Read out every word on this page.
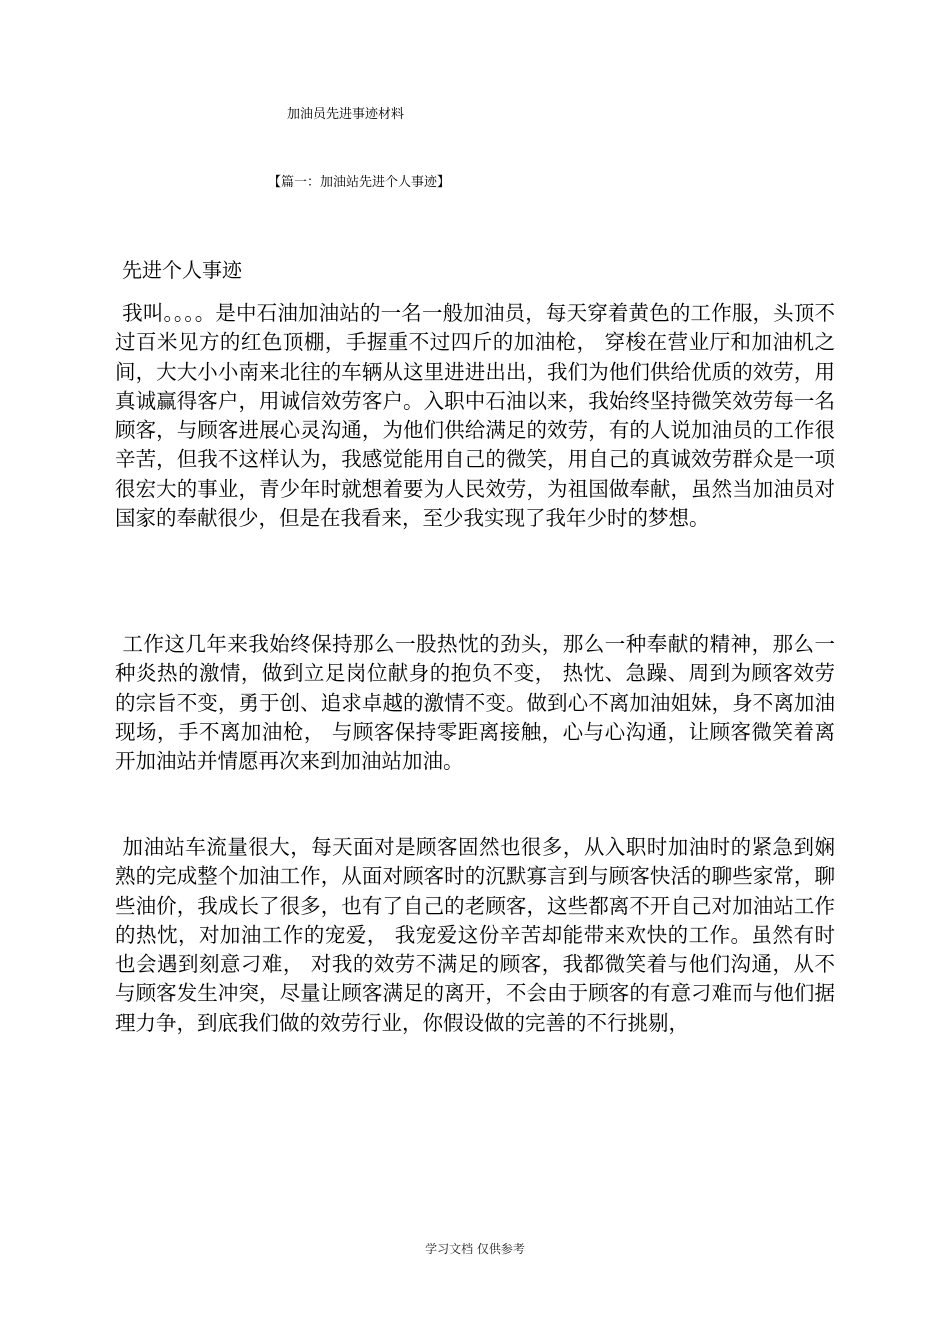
加油员先进事迹材料
【篇一：加油站先进个人事迹】
先进个人事迹

我叫。。。。是中石油加油站的一名一般加油员，每天穿着黄色的工作服，头顶不过百米见方的红色顶棚，手握重不过四斤的加油枪， 穿梭在营业厅和加油机之间，大大小小南来北往的车辆从这里进进出出，我们为他们供给优质的效劳，用真诚赢得客户，用诚信效劳客户。入职中石油以来，我始终坚持微笑效劳每一名顾客，与顾客进展心灵沟通，为他们供给满足的效劳，有的人说加油员的工作很辛苦，但我不这样认为，我感觉能用自己的微笑，用自己的真诚效劳群众是一项很宏大的事业，青少年时就想着要为人民效劳，为祖国做奉献，虽然当加油员对国家的奉献很少，但是在我看来，至少我实现了我年少时的梦想。

工作这几年来我始终保持那么一股热忱的劲头，那么一种奉献的精神，那么一种炎热的激情，做到立足岗位献身的抱负不变， 热忱、急躁、周到为顾客效劳的宗旨不变，勇于创、追求卓越的激情不变。做到心不离加油姐妹，身不离加油现场，手不离加油枪， 与顾客保持零距离接触，心与心沟通，让顾客微笑着离开加油站并情愿再次来到加油站加油。

加油站车流量很大，每天面对是顾客固然也很多，从入职时加油时的紧急到娴熟的完成整个加油工作，从面对顾客时的沉默寡言到与顾客快活的聊些家常，聊些油价，我成长了很多，也有了自己的老顾客，这些都离不开自己对加油站工作的热忱，对加油工作的宠爱， 我宠爱这份辛苦却能带来欢快的工作。虽然有时也会遇到刻意刁难， 对我的效劳不满足的顾客，我都微笑着与他们沟通，从不与顾客发生冲突，尽量让顾客满足的离开，不会由于顾客的有意刁难而与他们据理力争，到底我们做的效劳行业，你假设做的完善的不行挑剔，

学习文档 仅供参考
